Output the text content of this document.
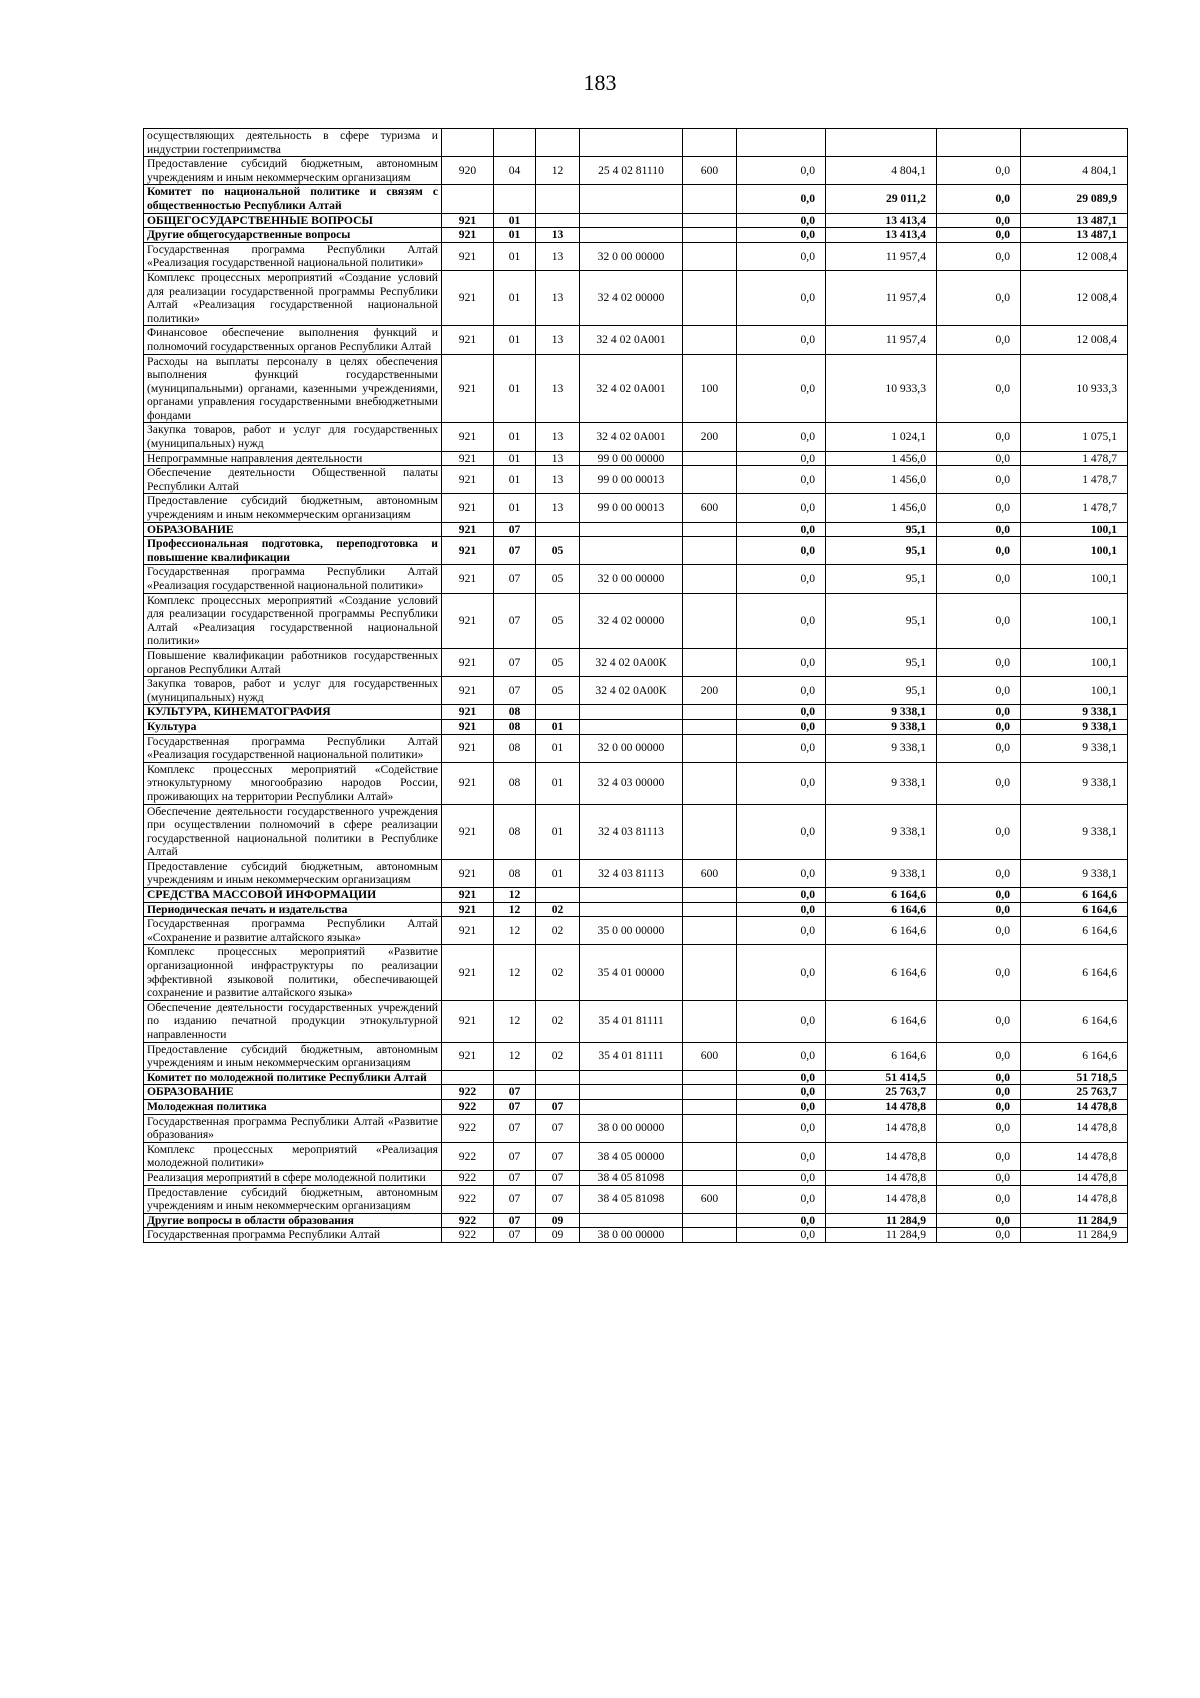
183
осуществляющих деятельность в сфере туризма и индустрии гостеприимства									
Предоставление субсидий бюджетным, автономным учреждениям и иным некоммерческим организациям	920	04	12	25 4 02 81110	600	0,0	4 804,1	0,0	4 804,1
Комитет по национальной политике и связям с общественностью Республики Алтай						0,0	29 011,2	0,0	29 089,9
ОБЩЕГОСУДАРСТВЕННЫЕ ВОПРОСЫ	921	01				0,0	13 413,4	0,0	13 487,1
Другие общегосударственные вопросы	921	01	13			0,0	13 413,4	0,0	13 487,1
Государственная программа Республики Алтай «Реализация государственной национальной политики»	921	01	13	32 0 00 00000		0,0	11 957,4	0,0	12 008,4
Комплекс процессных мероприятий «Создание условий для реализации государственной программы Республики Алтай «Реализация государственной национальной политики»	921	01	13	32 4 02 00000		0,0	11 957,4	0,0	12 008,4
Финансовое обеспечение выполнения функций и полномочий государственных органов Республики Алтай	921	01	13	32 4 02 0А001		0,0	11 957,4	0,0	12 008,4
Расходы на выплаты персоналу в целях обеспечения выполнения функций государственными (муниципальными) органами, казенными учреждениями, органами управления государственными внебюджетными фондами	921	01	13	32 4 02 0А001	100	0,0	10 933,3	0,0	10 933,3
Закупка товаров, работ и услуг для государственных (муниципальных) нужд	921	01	13	32 4 02 0А001	200	0,0	1 024,1	0,0	1 075,1
Непрограммные направления деятельности	921	01	13	99 0 00 00000		0,0	1 456,0	0,0	1 478,7
Обеспечение деятельности Общественной палаты Республики Алтай	921	01	13	99 0 00 00013		0,0	1 456,0	0,0	1 478,7
Предоставление субсидий бюджетным, автономным учреждениям и иным некоммерческим организациям	921	01	13	99 0 00 00013	600	0,0	1 456,0	0,0	1 478,7
ОБРАЗОВАНИЕ	921	07				0,0	95,1	0,0	100,1
Профессиональная подготовка, переподготовка и повышение квалификации	921	07	05			0,0	95,1	0,0	100,1
Государственная программа Республики Алтай «Реализация государственной национальной политики»	921	07	05	32 0 00 00000		0,0	95,1	0,0	100,1
Комплекс процессных мероприятий «Создание условий для реализации государственной программы Республики Алтай «Реализация государственной национальной политики»	921	07	05	32 4 02 00000		0,0	95,1	0,0	100,1
Повышение квалификации работников государственных органов Республики Алтай	921	07	05	32 4 02 0А00К		0,0	95,1	0,0	100,1
Закупка товаров, работ и услуг для государственных (муниципальных) нужд	921	07	05	32 4 02 0А00К	200	0,0	95,1	0,0	100,1
КУЛЬТУРА, КИНЕМАТОГРАФИЯ	921	08				0,0	9 338,1	0,0	9 338,1
Культура	921	08	01			0,0	9 338,1	0,0	9 338,1
Государственная программа Республики Алтай «Реализация государственной национальной политики»	921	08	01	32 0 00 00000		0,0	9 338,1	0,0	9 338,1
Комплекс процессных мероприятий «Содействие этнокультурному многообразию народов России, проживающих на территории Республики Алтай»	921	08	01	32 4 03 00000		0,0	9 338,1	0,0	9 338,1
Обеспечение деятельности государственного учреждения при осуществлении полномочий в сфере реализации государственной национальной политики в Республике Алтай	921	08	01	32 4 03 81113		0,0	9 338,1	0,0	9 338,1
Предоставление субсидий бюджетным, автономным учреждениям и иным некоммерческим организациям	921	08	01	32 4 03 81113	600	0,0	9 338,1	0,0	9 338,1
СРЕДСТВА МАССОВОЙ ИНФОРМАЦИИ	921	12				0,0	6 164,6	0,0	6 164,6
Периодическая печать и издательства	921	12	02			0,0	6 164,6	0,0	6 164,6
Государственная программа Республики Алтай «Сохранение и развитие алтайского языка»	921	12	02	35 0 00 00000		0,0	6 164,6	0,0	6 164,6
Комплекс процессных мероприятий «Развитие организационной инфраструктуры по реализации эффективной языковой политики, обеспечивающей сохранение и развитие алтайского языка»	921	12	02	35 4 01 00000		0,0	6 164,6	0,0	6 164,6
Обеспечение деятельности государственных учреждений по изданию печатной продукции этнокультурной направленности	921	12	02	35 4 01 81111		0,0	6 164,6	0,0	6 164,6
Предоставление субсидий бюджетным, автономным учреждениям и иным некоммерческим организациям	921	12	02	35 4 01 81111	600	0,0	6 164,6	0,0	6 164,6
Комитет по молодежной политике Республики Алтай						0,0	51 414,5	0,0	51 718,5
ОБРАЗОВАНИЕ	922	07				0,0	25 763,7	0,0	25 763,7
Молодежная политика	922	07	07			0,0	14 478,8	0,0	14 478,8
Государственная программа Республики Алтай «Развитие образования»	922	07	07	38 0 00 00000		0,0	14 478,8	0,0	14 478,8
Комплекс процессных мероприятий «Реализация молодежной политики»	922	07	07	38 4 05 00000		0,0	14 478,8	0,0	14 478,8
Реализация мероприятий в сфере молодежной политики	922	07	07	38 4 05 81098		0,0	14 478,8	0,0	14 478,8
Предоставление субсидий бюджетным, автономным учреждениям и иным некоммерческим организациям	922	07	07	38 4 05 81098	600	0,0	14 478,8	0,0	14 478,8
Другие вопросы в области образования	922	07	09			0,0	11 284,9	0,0	11 284,9
Государственная программа Республики Алтай	922	07	09	38 0 00 00000		0,0	11 284,9	0,0	11 284,9
